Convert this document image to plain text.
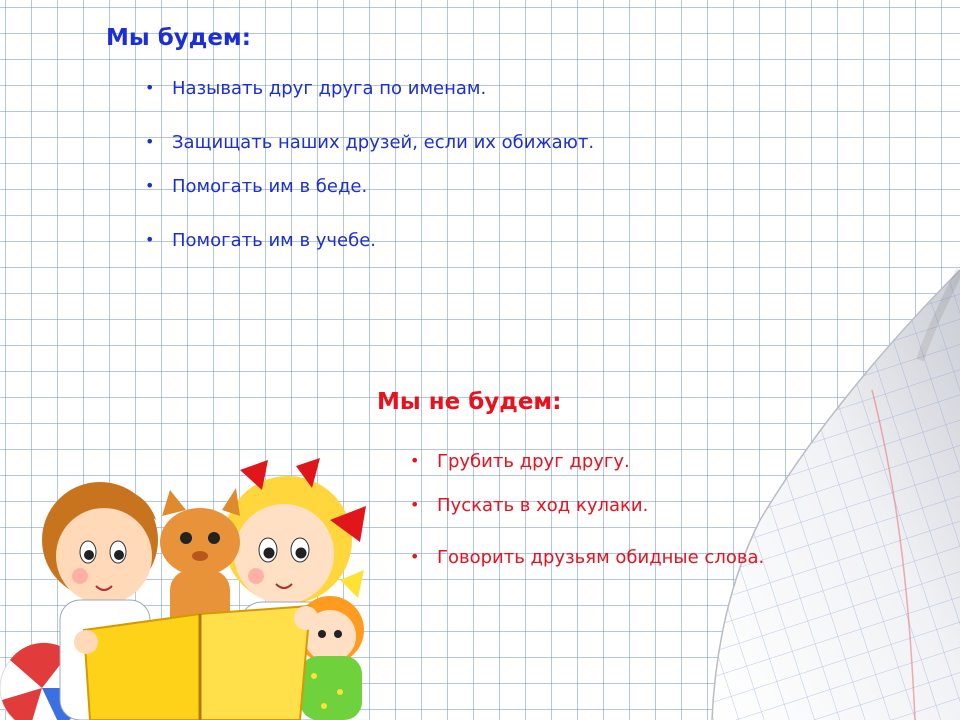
Мы будем:
• Называть друг друга по именам.
• Защищать наших друзей, если их обижают.
• Помогать им в беде.
• Помогать им в учебе.
Мы не будем:
• Грубить друг другу.
• Пускать в ход кулаки.
• Говорить друзьям обидные слова.
